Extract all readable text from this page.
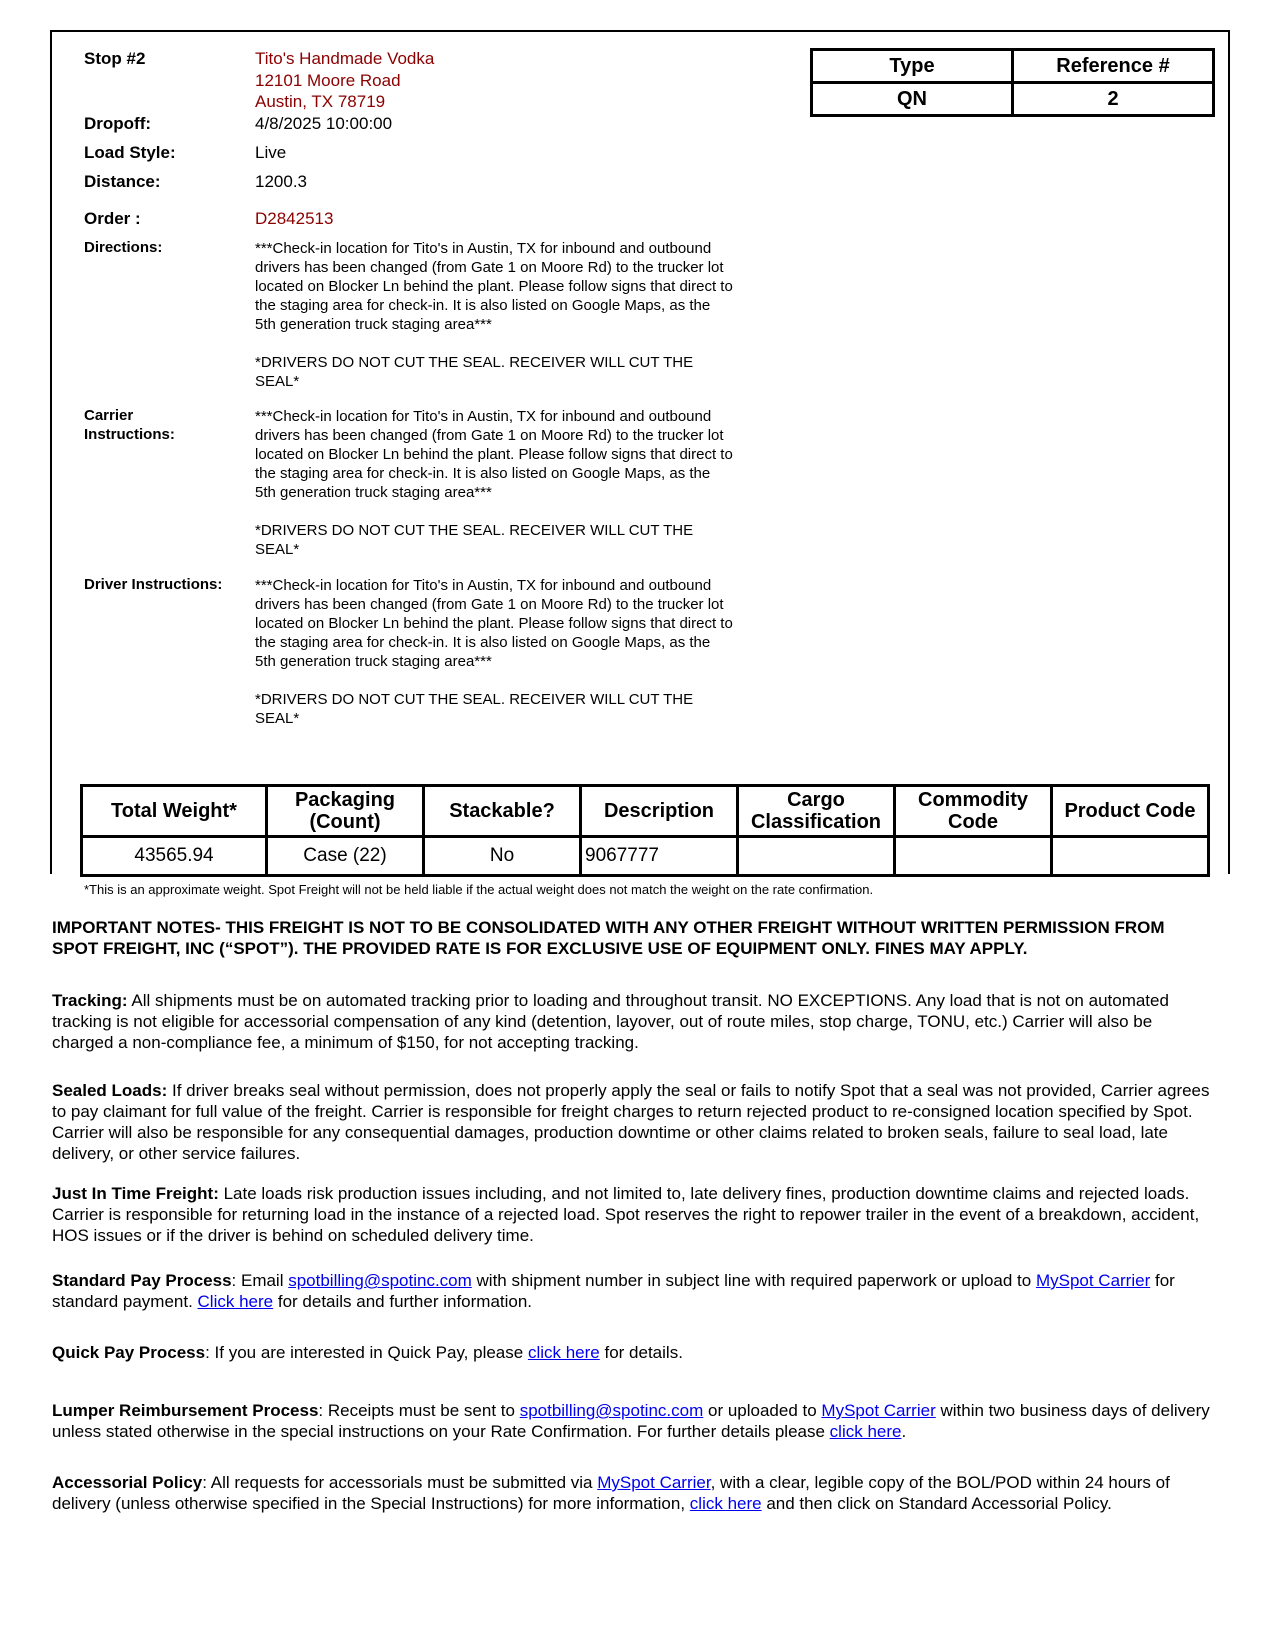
Stop #2	Tito's Handmade Vodka
12101 Moore Road
Austin, TX 78719
Dropoff:	4/8/2025 10:00:00
Load Style:	Live
Distance:	1200.3
Order :	D2842513
Type	Reference #
QN	2
Directions:	***Check-in location for Tito's in Austin, TX for inbound and outbound drivers has been changed (from Gate 1 on Moore Rd) to the trucker lot located on Blocker Ln behind the plant. Please follow signs that direct to the staging area for check-in. It is also listed on Google Maps, as the 5th generation truck staging area***

*DRIVERS DO NOT CUT THE SEAL. RECEIVER WILL CUT THE SEAL*

Carrier
Instructions:

***Check-in location for Tito's in Austin, TX for inbound and outbound drivers has been changed (from Gate 1 on Moore Rd) to the trucker lot located on Blocker Ln behind the plant. Please follow signs that direct to the staging area for check-in. It is also listed on Google Maps, as the 5th generation truck staging area***

*DRIVERS DO NOT CUT THE SEAL. RECEIVER WILL CUT THE SEAL*

Driver Instructions: ***Check-in location for Tito's in Austin, TX for inbound and outbound drivers has been changed (from Gate 1 on Moore Rd) to the trucker lot located on Blocker Ln behind the plant. Please follow signs that direct to the staging area for check-in. It is also listed on Google Maps, as the 5th generation truck staging area***

*DRIVERS DO NOT CUT THE SEAL. RECEIVER WILL CUT THE SEAL*

Total Weight*	Packaging (Count)	Stackable?	Description	Cargo Classification	Commodity Code	Product Code
43565.94	Case (22)	No	9067777			
*This is an approximate weight. Spot Freight will not be held liable if the actual weight does not match the weight on the rate confirmation.
IMPORTANT NOTES- THIS FREIGHT IS NOT TO BE CONSOLIDATED WITH ANY OTHER FREIGHT WITHOUT WRITTEN PERMISSION FROM SPOT FREIGHT, INC (“SPOT”). THE PROVIDED RATE IS FOR EXCLUSIVE USE OF EQUIPMENT ONLY. FINES MAY APPLY.

Tracking: All shipments must be on automated tracking prior to loading and throughout transit. NO EXCEPTIONS. Any load that is not on automated tracking is not eligible for accessorial compensation of any kind (detention, layover, out of route miles, stop charge, TONU, etc.) Carrier will also be charged a non-compliance fee, a minimum of $150, for not accepting tracking.

Sealed Loads: If driver breaks seal without permission, does not properly apply the seal or fails to notify Spot that a seal was not provided, Carrier agrees to pay claimant for full value of the freight. Carrier is responsible for freight charges to return rejected product to re-consigned location specified by Spot. Carrier will also be responsible for any consequential damages, production downtime or other claims related to broken seals, failure to seal load, late delivery, or other service failures.

Just In Time Freight: Late loads risk production issues including, and not limited to, late delivery fines, production downtime claims and rejected loads. Carrier is responsible for returning load in the instance of a rejected load. Spot reserves the right to repower trailer in the event of a breakdown, accident, HOS issues or if the driver is behind on scheduled delivery time.

Standard Pay Process: Email spotbilling@spotinc.com with shipment number in subject line with required paperwork or upload to MySpot Carrier for standard payment. Click here for details and further information.

Quick Pay Process: If you are interested in Quick Pay, please click here for details.

Lumper Reimbursement Process: Receipts must be sent to spotbilling@spotinc.com or uploaded to MySpot Carrier within two business days of delivery unless stated otherwise in the special instructions on your Rate Confirmation. For further details please click here.

Accessorial Policy: All requests for accessorials must be submitted via MySpot Carrier, with a clear, legible copy of the BOL/POD within 24 hours of delivery (unless otherwise specified in the Special Instructions) for more information, click here and then click on Standard Accessorial Policy.
